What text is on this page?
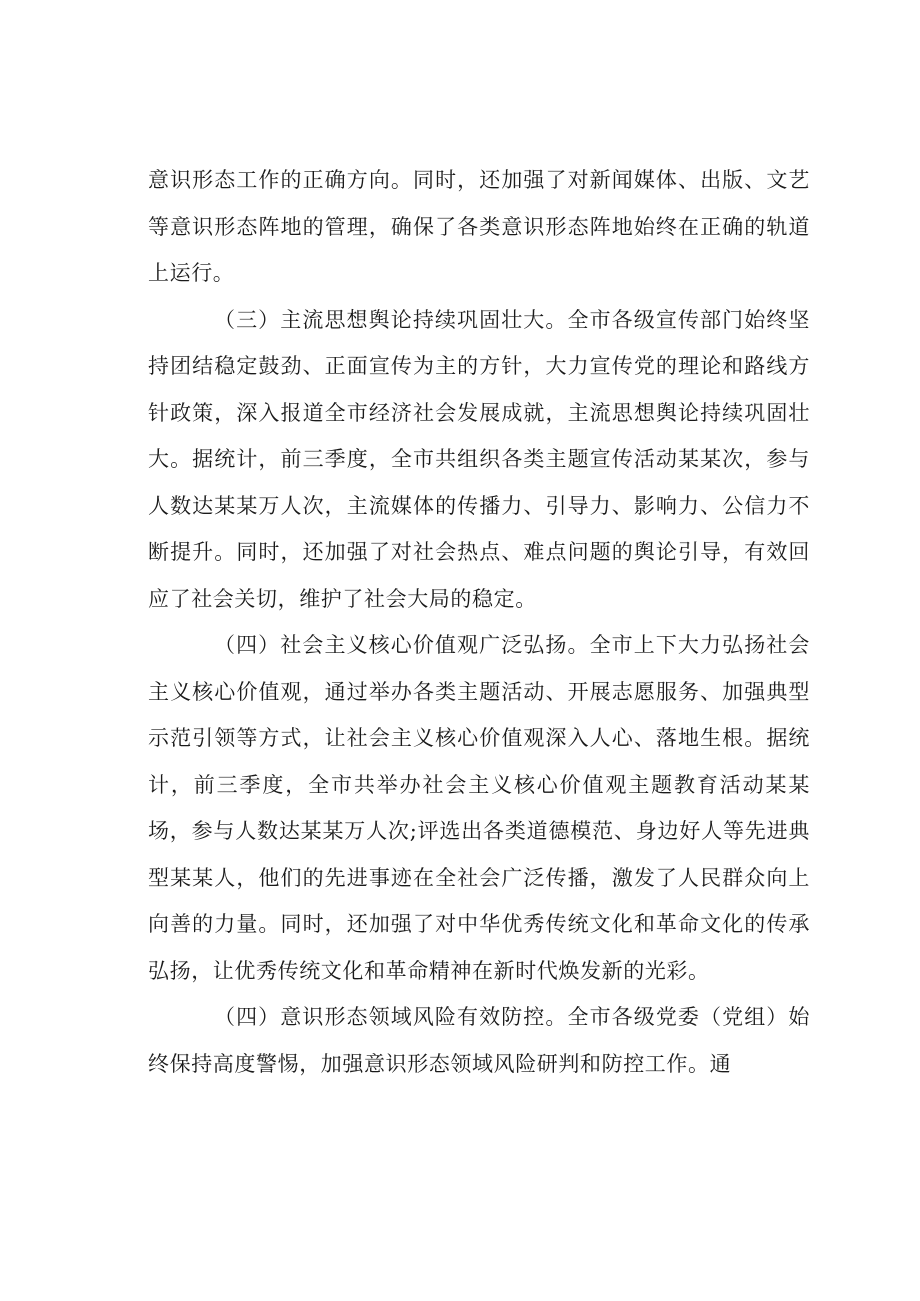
意识形态工作的正确方向。同时，还加强了对新闻媒体、出版、文艺等意识形态阵地的管理，确保了各类意识形态阵地始终在正确的轨道上运行。

（三）主流思想舆论持续巩固壮大。全市各级宣传部门始终坚持团结稳定鼓劲、正面宣传为主的方针，大力宣传党的理论和路线方针政策，深入报道全市经济社会发展成就，主流思想舆论持续巩固壮大。据统计，前三季度，全市共组织各类主题宣传活动某某次，参与人数达某某万人次，主流媒体的传播力、引导力、影响力、公信力不断提升。同时，还加强了对社会热点、难点问题的舆论引导，有效回应了社会关切，维护了社会大局的稳定。

（四）社会主义核心价值观广泛弘扬。全市上下大力弘扬社会主义核心价值观，通过举办各类主题活动、开展志愿服务、加强典型示范引领等方式，让社会主义核心价值观深入人心、落地生根。据统计，前三季度，全市共举办社会主义核心价值观主题教育活动某某场，参与人数达某某万人次;评选出各类道德模范、身边好人等先进典型某某人，他们的先进事迹在全社会广泛传播，激发了人民群众向上向善的力量。同时，还加强了对中华优秀传统文化和革命文化的传承弘扬，让优秀传统文化和革命精神在新时代焕发新的光彩。

（四）意识形态领域风险有效防控。全市各级党委（党组）始终保持高度警惕，加强意识形态领域风险研判和防控工作。通
